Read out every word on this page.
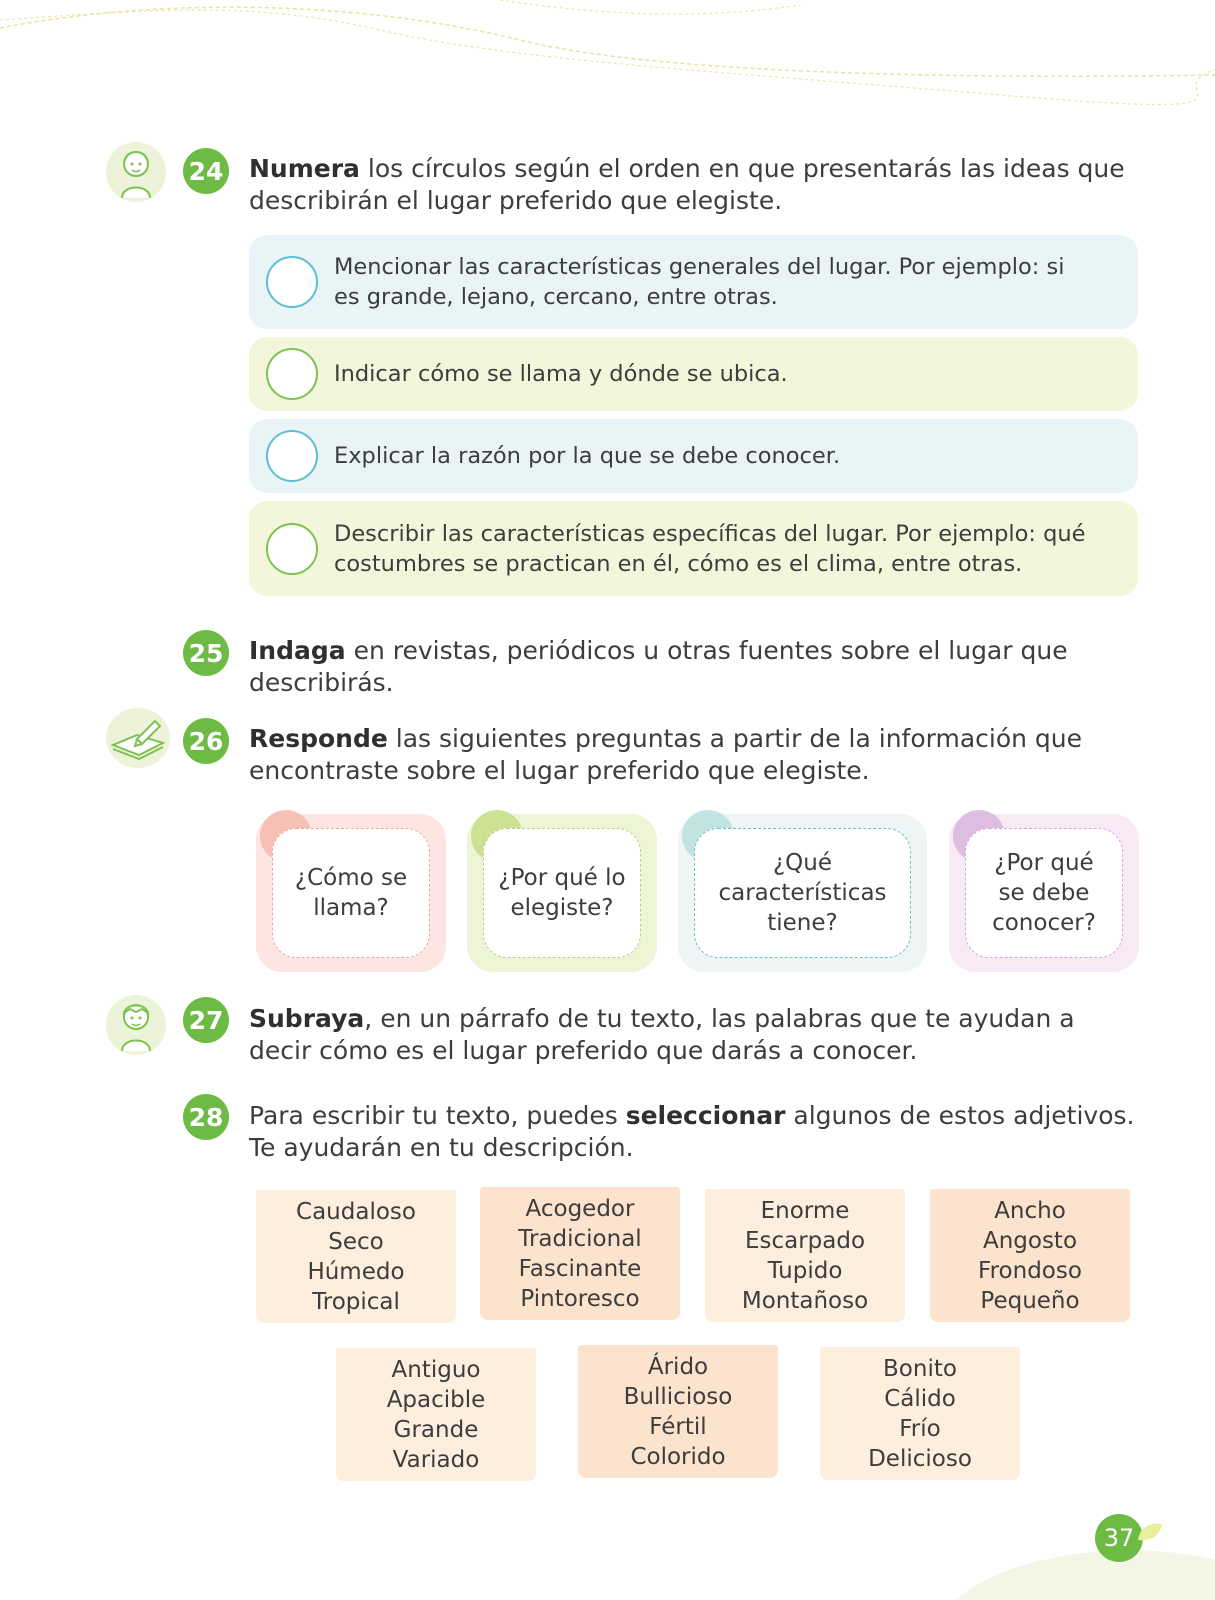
24 Numera los círculos según el orden en que presentarás las ideas que
describirán el lugar preferido que elegiste.
Mencionar las características generales del lugar. Por ejemplo: si
es grande, lejano, cercano, entre otras.
Indicar cómo se llama y dónde se ubica.
Explicar la razón por la que se debe conocer.
Describir las características específicas del lugar. Por ejemplo: qué
costumbres se practican en él, cómo es el clima, entre otras.
25 Indaga en revistas, periódicos u otras fuentes sobre el lugar que
describirás.
26 Responde las siguientes preguntas a partir de la información que
encontraste sobre el lugar preferido que elegiste.
¿Cómo se
llama?
¿Por qué lo
elegiste?
¿Qué
características
tiene?
¿Por qué
se debe
conocer?
27 Subraya, en un párrafo de tu texto, las palabras que te ayudan a
decir cómo es el lugar preferido que darás a conocer.
28 Para escribir tu texto, puedes seleccionar algunos de estos adjetivos.
Te ayudarán en tu descripción.
Caudaloso
Seco
Húmedo
Tropical
Acogedor
Tradicional
Fascinante
Pintoresco
Enorme
Escarpado
Tupido
Montañoso
Ancho
Angosto
Frondoso
Pequeño
Antiguo
Apacible
Grande
Variado
Árido
Bullicioso
Fértil
Colorido
Bonito
Cálido
Frío
Delicioso
37
